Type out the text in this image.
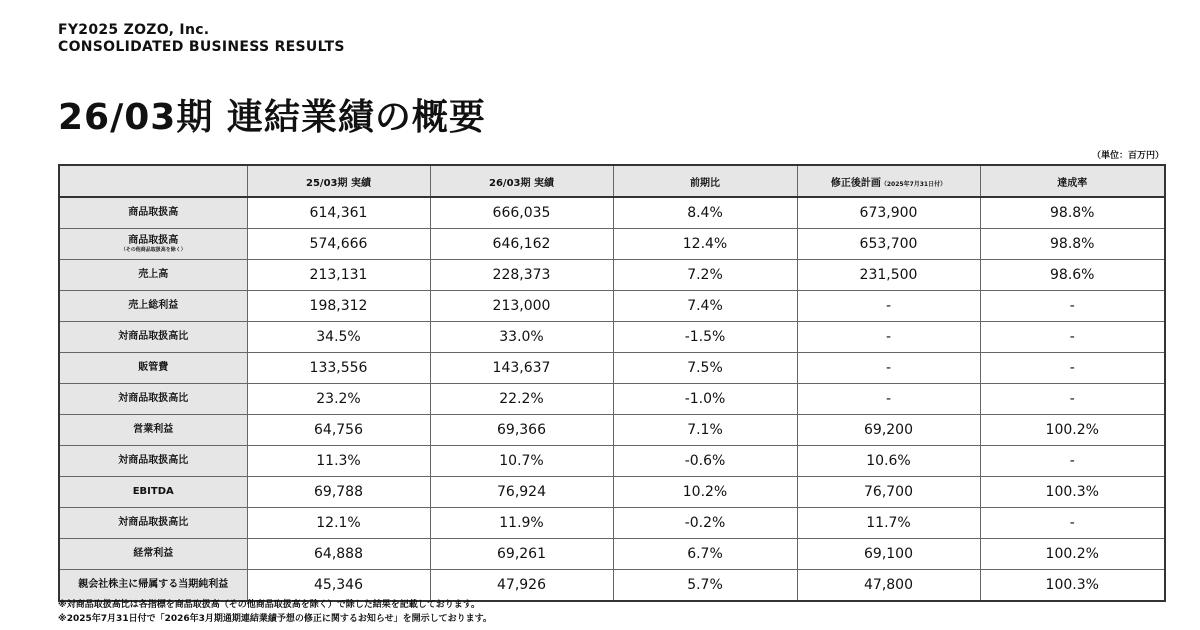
FY2025 ZOZO, Inc.
CONSOLIDATED BUSINESS RESULTS
26/03期 連結業績の概要
（単位：百万円）
	25/03期 実績	26/03期 実績	前期比	修正後計画（2025年7月31日付）	達成率
商品取扱高	614,361	666,035	8.4%	673,900	98.8%
商品取扱高
（その他商品取扱高を除く）	574,666	646,162	12.4%	653,700	98.8%
売上高	213,131	228,373	7.2%	231,500	98.6%
売上総利益	198,312	213,000	7.4%	-	-
対商品取扱高比	34.5%	33.0%	-1.5%	-	-
販管費	133,556	143,637	7.5%	-	-
対商品取扱高比	23.2%	22.2%	-1.0%	-	-
営業利益	64,756	69,366	7.1%	69,200	100.2%
対商品取扱高比	11.3%	10.7%	-0.6%	10.6%	-
EBITDA	69,788	76,924	10.2%	76,700	100.3%
対商品取扱高比	12.1%	11.9%	-0.2%	11.7%	-
経常利益	64,888	69,261	6.7%	69,100	100.2%
親会社株主に帰属する当期純利益	45,346	47,926	5.7%	47,800	100.3%
※対商品取扱高比は各指標を商品取扱高（その他商品取扱高を除く）で除した結果を記載しております。
※2025年7月31日付で「2026年3月期通期連結業績予想の修正に関するお知らせ」を開示しております。
